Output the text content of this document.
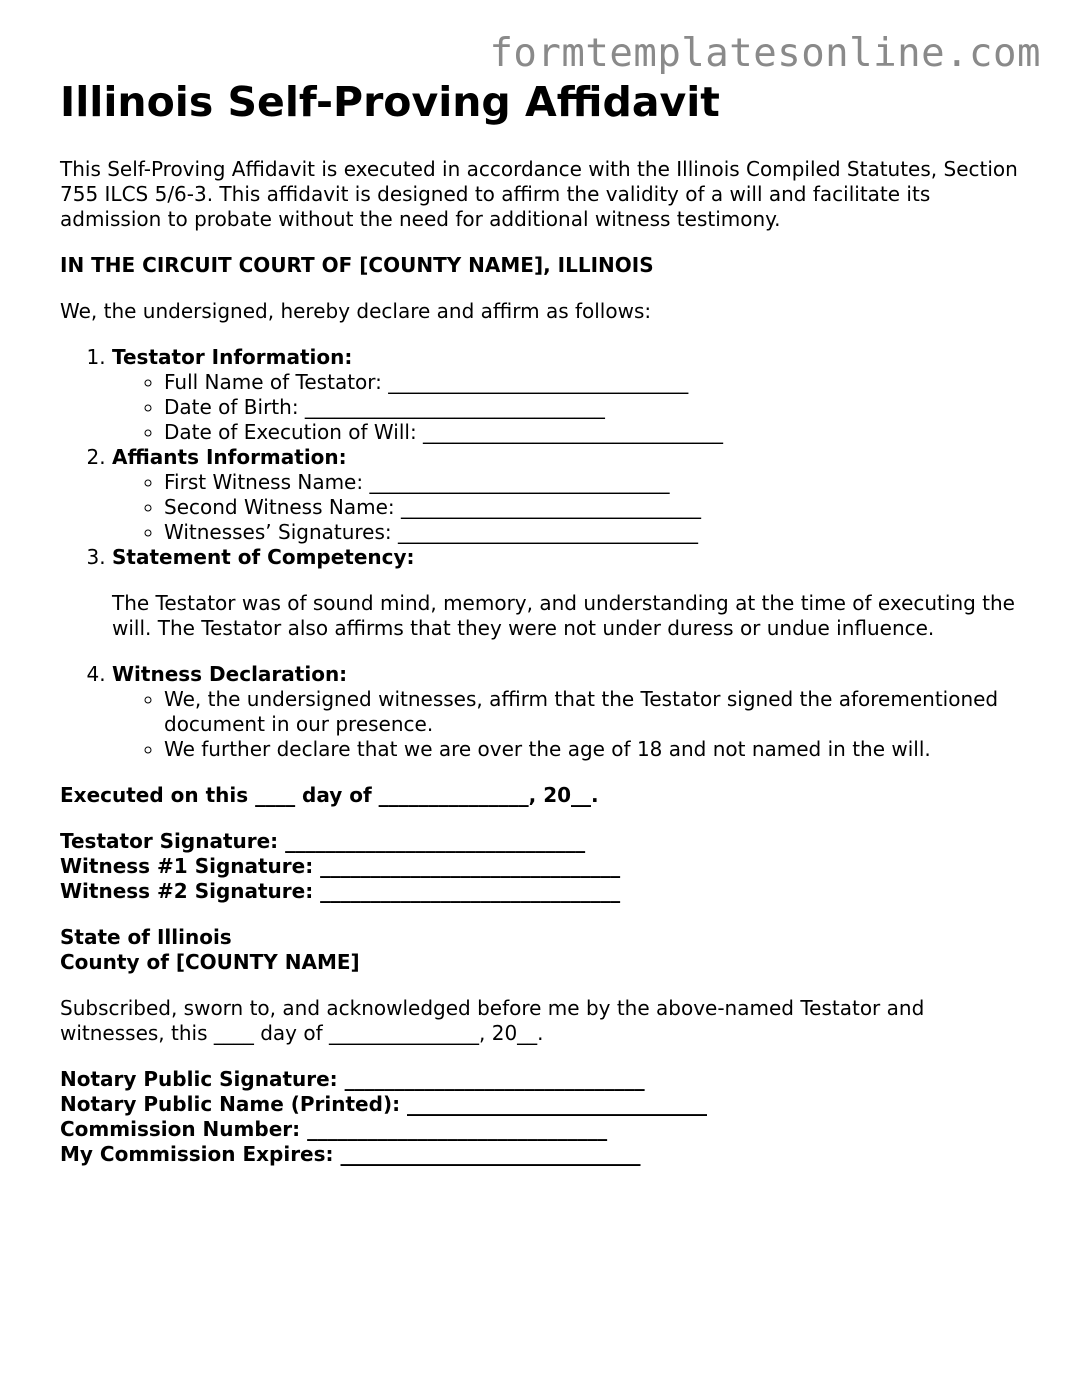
formtemplatesonline.com
Illinois Self-Proving Affidavit

This Self-Proving Affidavit is executed in accordance with the Illinois Compiled Statutes, Section 755 ILCS 5/6-3. This affidavit is designed to affirm the validity of a will and facilitate its admission to probate without the need for additional witness testimony.

IN THE CIRCUIT COURT OF [COUNTY NAME], ILLINOIS

We, the undersigned, hereby declare and affirm as follows:

1. Testator Information:
◦ Full Name of Testator: ______________________________
◦ Date of Birth: ______________________________
◦ Date of Execution of Will: ______________________________
2. Affiants Information:
◦ First Witness Name: ______________________________
◦ Second Witness Name: ______________________________
◦ Witnesses’ Signatures: ______________________________
3. Statement of Competency:

The Testator was of sound mind, memory, and understanding at the time of executing the will. The Testator also affirms that they were not under duress or undue influence.

4. Witness Declaration:
◦ We, the undersigned witnesses, affirm that the Testator signed the aforementioned document in our presence.
◦ We further declare that we are over the age of 18 and not named in the will.

Executed on this ____ day of _______________, 20__.

Testator Signature: ______________________________
Witness #1 Signature: ______________________________
Witness #2 Signature: ______________________________
State of Illinois
County of [COUNTY NAME]

Subscribed, sworn to, and acknowledged before me by the above-named Testator and witnesses, this ____ day of _______________, 20__.

Notary Public Signature: ______________________________
Notary Public Name (Printed): ______________________________
Commission Number: ______________________________
My Commission Expires: ______________________________
